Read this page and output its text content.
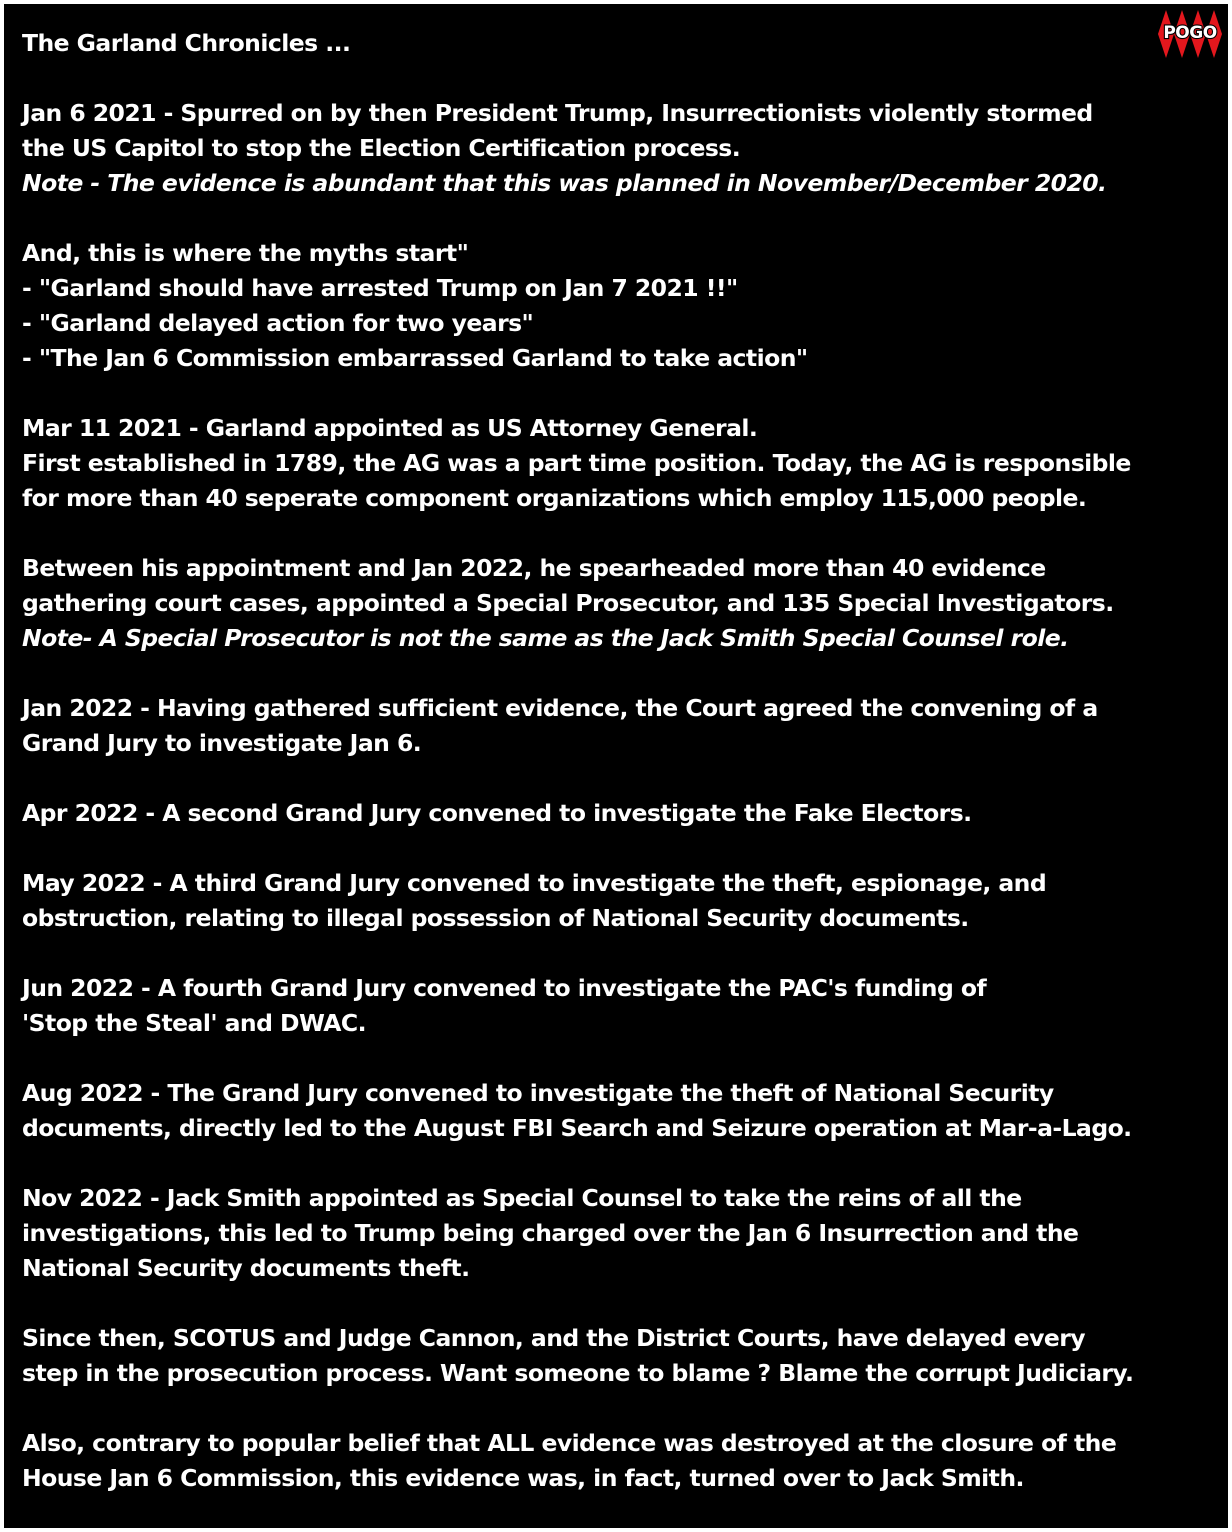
POGO
The Garland Chronicles ...
Jan 6 2021 - Spurred on by then President Trump, Insurrectionists violently stormed
the US Capitol to stop the Election Certification process.
Note - The evidence is abundant that this was planned in November/December 2020.
And, this is where the myths start"
- "Garland should have arrested Trump on Jan 7 2021 !!"
- "Garland delayed action for two years"
- "The Jan 6 Commission embarrassed Garland to take action"
Mar 11 2021 - Garland appointed as US Attorney General.
First established in 1789, the AG was a part time position. Today, the AG is responsible
for more than 40 seperate component organizations which employ 115,000 people.
Between his appointment and Jan 2022, he spearheaded more than 40 evidence
gathering court cases, appointed a Special Prosecutor, and 135 Special Investigators.
Note- A Special Prosecutor is not the same as the Jack Smith Special Counsel role.
Jan 2022 - Having gathered sufficient evidence, the Court agreed the convening of a
Grand Jury to investigate Jan 6.
Apr 2022 - A second Grand Jury convened to investigate the Fake Electors.
May 2022 - A third Grand Jury convened to investigate the theft, espionage, and
obstruction, relating to illegal possession of National Security documents.
Jun 2022 - A fourth Grand Jury convened to investigate the PAC's funding of
'Stop the Steal' and DWAC.
Aug 2022 - The Grand Jury convened to investigate the theft of National Security
documents, directly led to the August FBI Search and Seizure operation at Mar-a-Lago.
Nov 2022 - Jack Smith appointed as Special Counsel to take the reins of all the
investigations, this led to Trump being charged over the Jan 6 Insurrection and the
National Security documents theft.
Since then, SCOTUS and Judge Cannon, and the District Courts, have delayed every
step in the prosecution process. Want someone to blame ? Blame the corrupt Judiciary.
Also, contrary to popular belief that ALL evidence was destroyed at the closure of the
House Jan 6 Commission, this evidence was, in fact, turned over to Jack Smith.
